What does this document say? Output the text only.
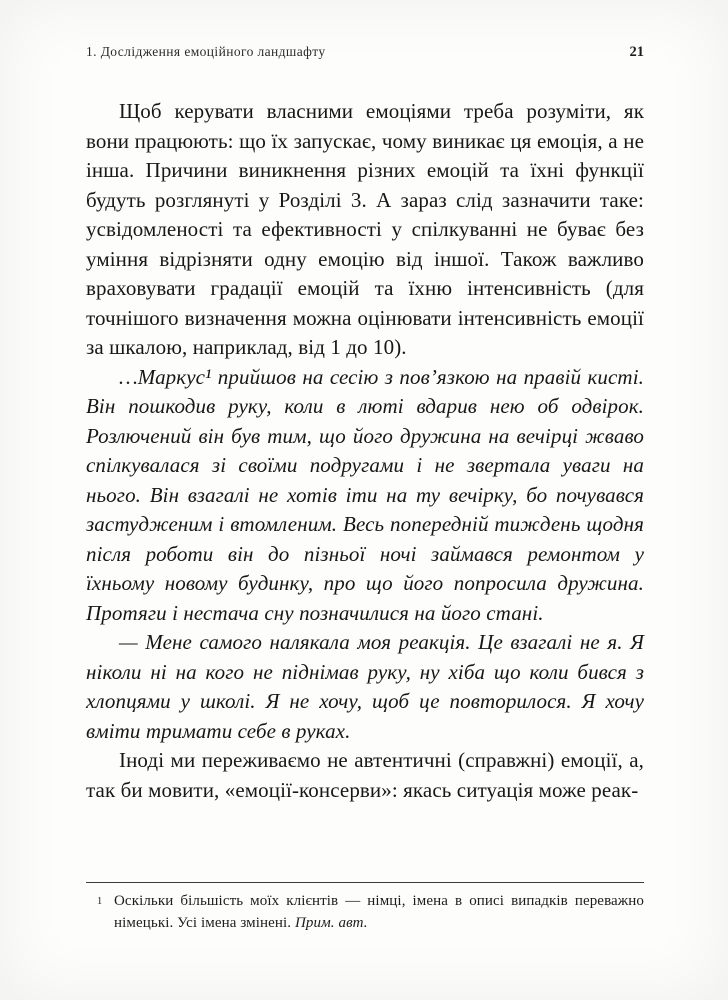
1. Дослідження емоційного ландшафту	21

Щоб керувати власними емоціями треба розуміти, як вони працюють: що їх запускає, чому виникає ця емоція, а не інша. Причини виникнення різних емоцій та їхні функції будуть розглянуті у Розділі 3. А зараз слід зазначити таке: усвідомленості та ефективності у спілкуванні не буває без уміння відрізняти одну емоцію від іншої. Також важливо враховувати градації емоцій та їхню інтенсивність (для точнішого визначення можна оцінювати інтенсивність емоції за шкалою, наприклад, від 1 до 10).

…Маркус¹ прийшов на сесію з пов’язкою на правій кисті. Він пошкодив руку, коли в люті вдарив нею об одвірок. Розлючений він був тим, що його дружина на вечірці жваво спілкувалася зі своїми подругами і не звертала уваги на нього. Він взагалі не хотів іти на ту вечірку, бо почувався застудженим і втомленим. Весь попередній тиждень щодня після роботи він до пізньої ночі займався ремонтом у їхньому новому будинку, про що його попросила дружина. Протяги і нестача сну позначилися на його стані.

— Мене самого налякала моя реакція. Це взагалі не я. Я ніколи ні на кого не піднімав руку, ну хіба що коли бився з хлопцями у школі. Я не хочу, щоб це повторилося. Я хочу вміти тримати себе в руках.

Іноді ми переживаємо не автентичні (справжні) емоції, а, так би мовити, «емоції-консерви»: якась ситуація може реак-

1 Оскільки більшість моїх клієнтів — німці, імена в описі випадків переважно німецькі. Усі імена змінені. Прим. авт.
